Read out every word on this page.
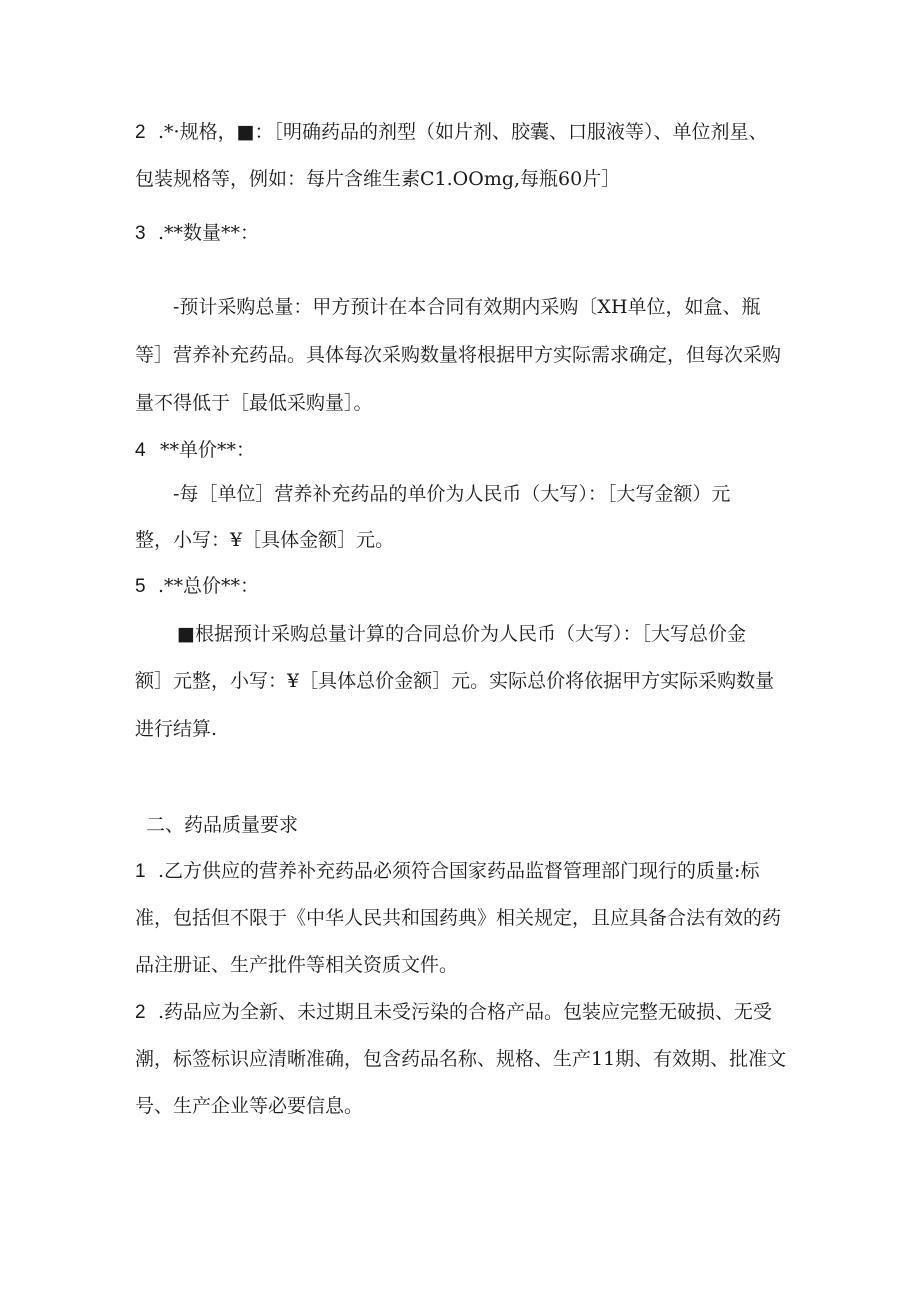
2 .*·规格，■：［明确药品的剂型（如片剂、胶囊、口服液等）、单位剂星、
包装规格等，例如：每片含维生素C1.OOmg,每瓶60片］
3 .**数量**：
-预计采购总量：甲方预计在本合同有效期内采购〔XH单位，如盒、瓶
等］营养补充药品。具体每次采购数量将根据甲方实际需求确定，但每次采购
量不得低于［最低采购量］。
4 **单价**：
-每［单位］营养补充药品的单价为人民币（大写）：［大写金额）元
整，小写：¥［具体金额］元。
5 .**总价**：
■根据预计采购总量计算的合同总价为人民币（大写）：［大写总价金
额］元整，小写：¥［具体总价金额］元。实际总价将依据甲方实际采购数量
进行结算.
二、药品质量要求
1 .乙方供应的营养补充药品必须符合国家药品监督管理部门现行的质量:标
准，包括但不限于《中华人民共和国药典》相关规定，且应具备合法有效的药
品注册证、生产批件等相关资质文件。
2 .药品应为全新、未过期且未受污染的合格产品。包装应完整无破损、无受
潮，标签标识应清晰准确，包含药品名称、规格、生产11期、有效期、批准文
号、生产企业等必要信息。
